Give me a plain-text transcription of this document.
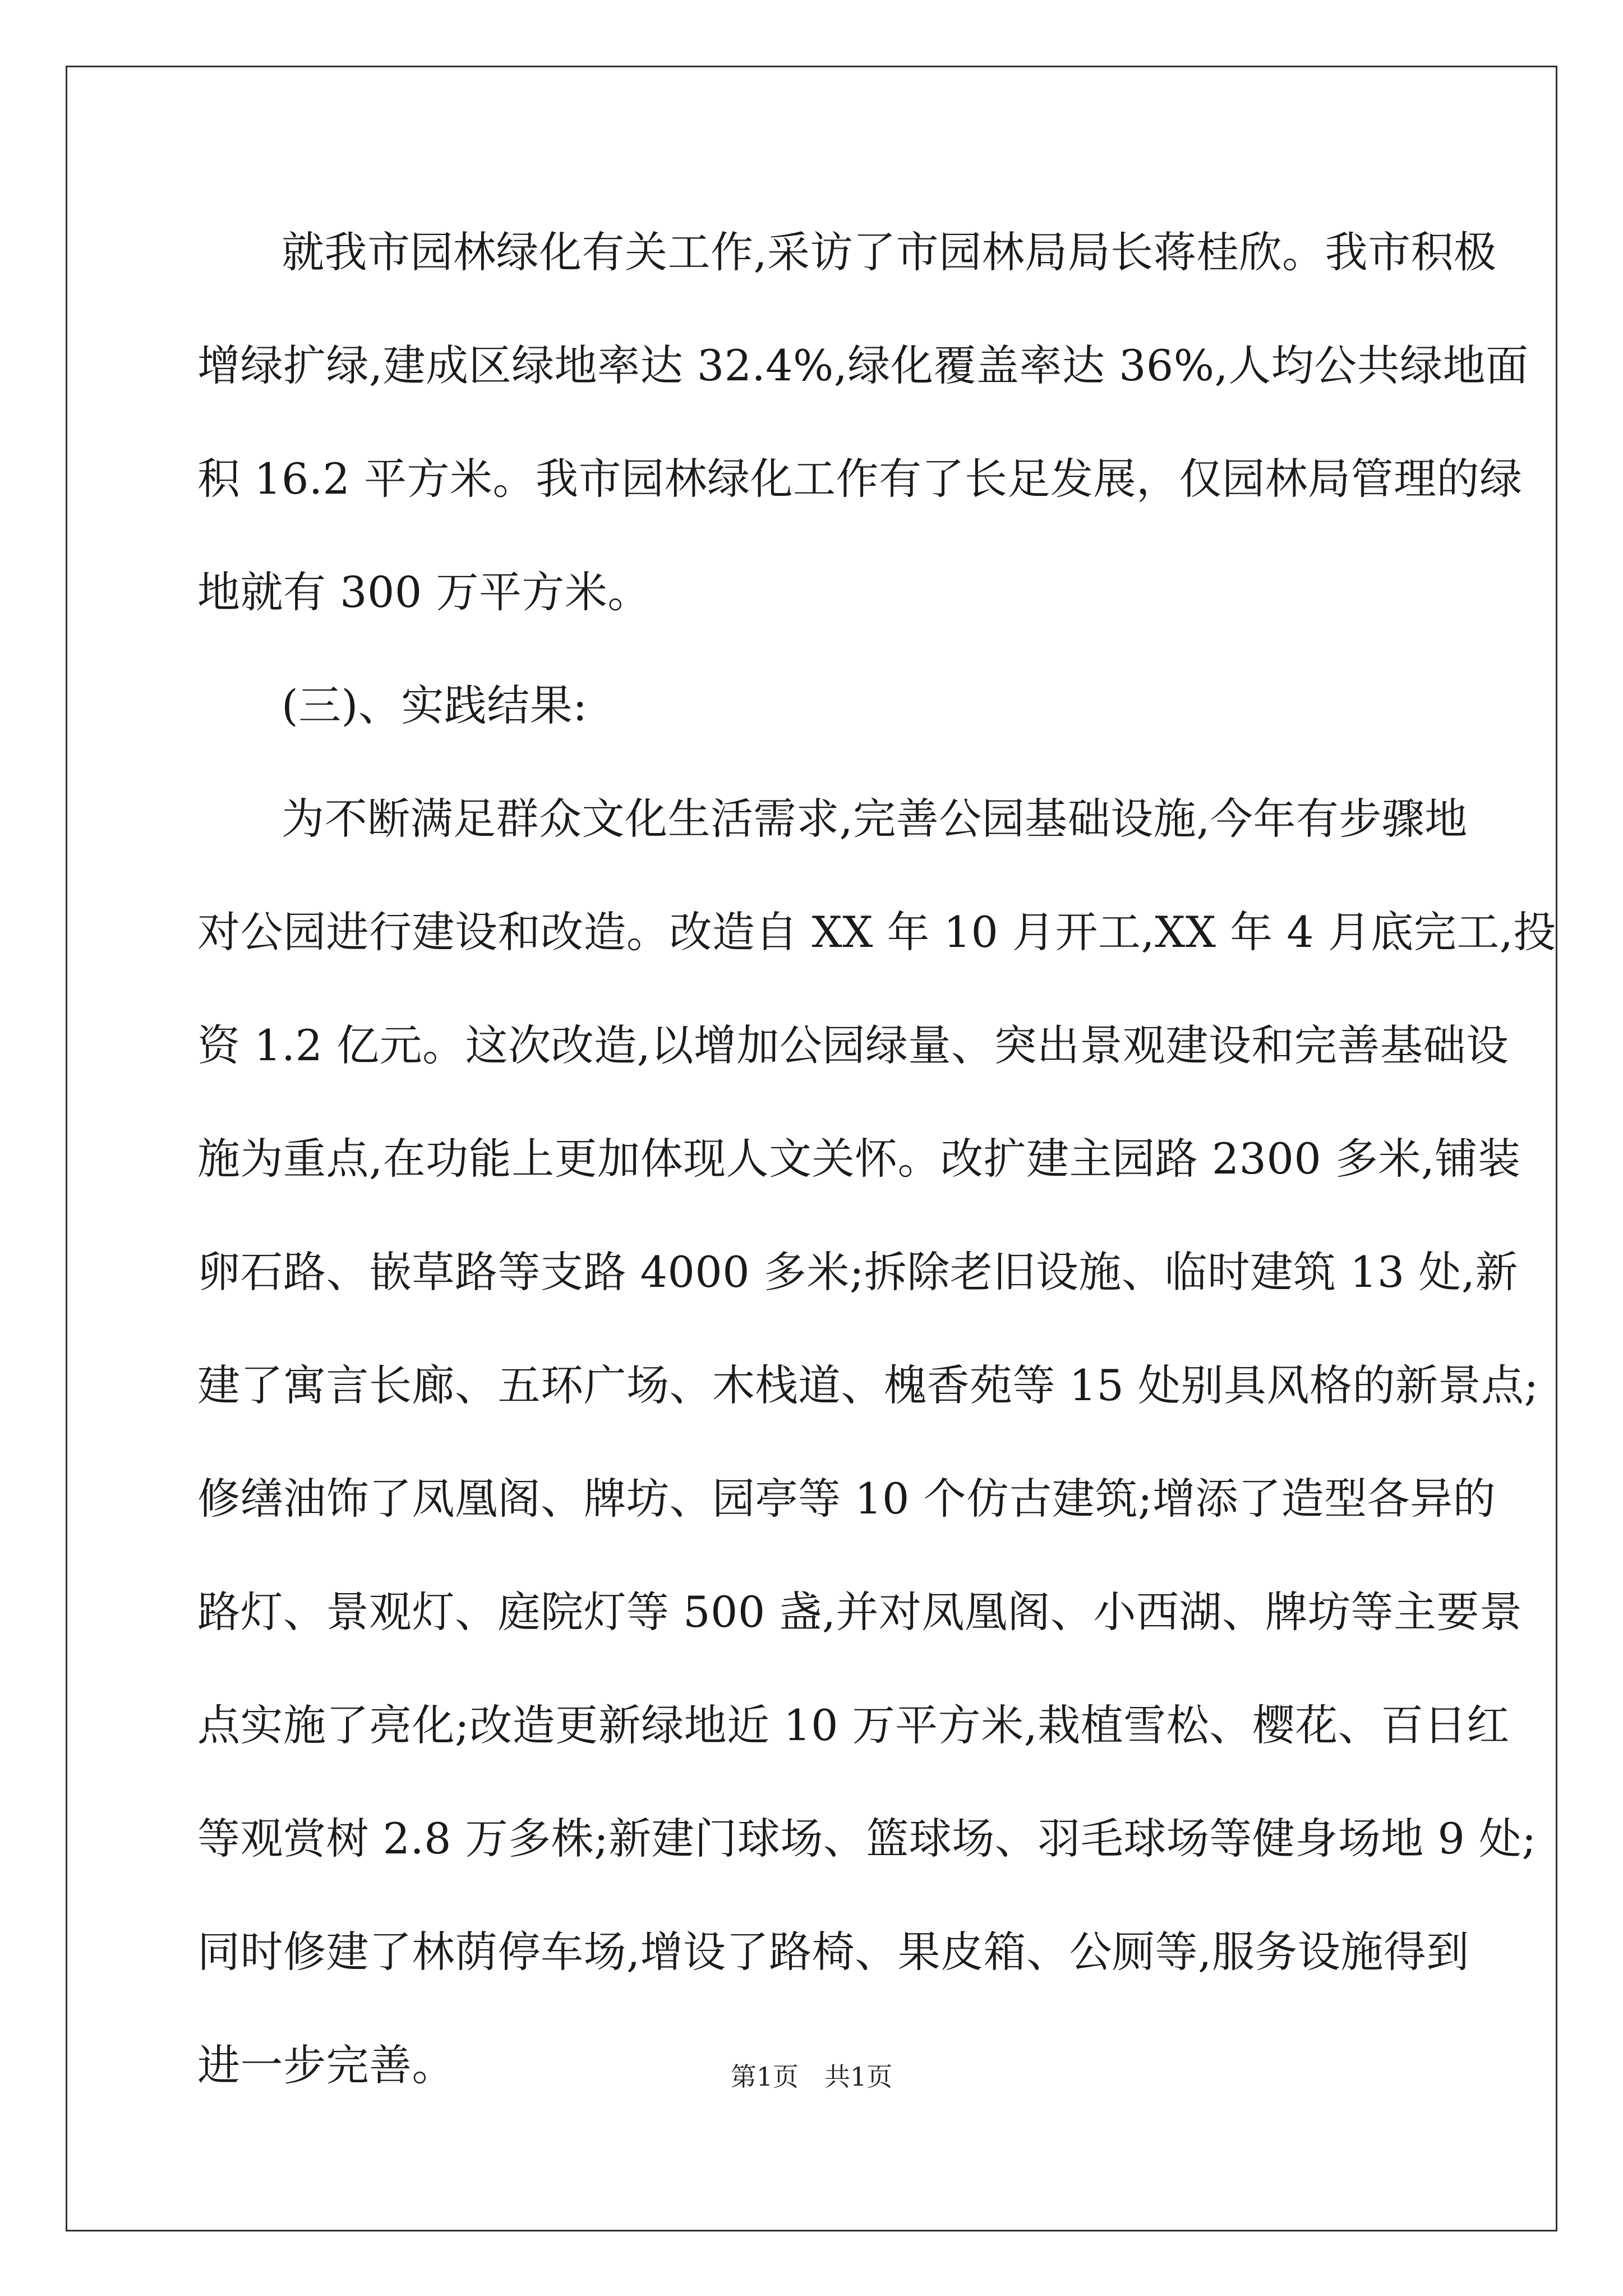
就我市园林绿化有关工作,采访了市园林局局长蒋桂欣。我市积极
增绿扩绿,建成区绿地率达 32.4%,绿化覆盖率达 36%,人均公共绿地面
积 16.2 平方米。我市园林绿化工作有了长足发展，仅园林局管理的绿
地就有 300 万平方米。
(三)、实践结果:
为不断满足群众文化生活需求,完善公园基础设施,今年有步骤地
对公园进行建设和改造。改造自 XX 年 10 月开工,XX 年 4 月底完工,投
资 1.2 亿元。这次改造,以增加公园绿量、突出景观建设和完善基础设
施为重点,在功能上更加体现人文关怀。改扩建主园路 2300 多米,铺装
卵石路、嵌草路等支路 4000 多米;拆除老旧设施、临时建筑 13 处,新
建了寓言长廊、五环广场、木栈道、槐香苑等 15 处别具风格的新景点;
修缮油饰了凤凰阁、牌坊、园亭等 10 个仿古建筑;增添了造型各异的
路灯、景观灯、庭院灯等 500 盏,并对凤凰阁、小西湖、牌坊等主要景
点实施了亮化;改造更新绿地近 10 万平方米,栽植雪松、樱花、百日红
等观赏树 2.8 万多株;新建门球场、篮球场、羽毛球场等健身场地 9 处;
同时修建了林荫停车场,增设了路椅、果皮箱、公厕等,服务设施得到
进一步完善。	第1页　共1页
